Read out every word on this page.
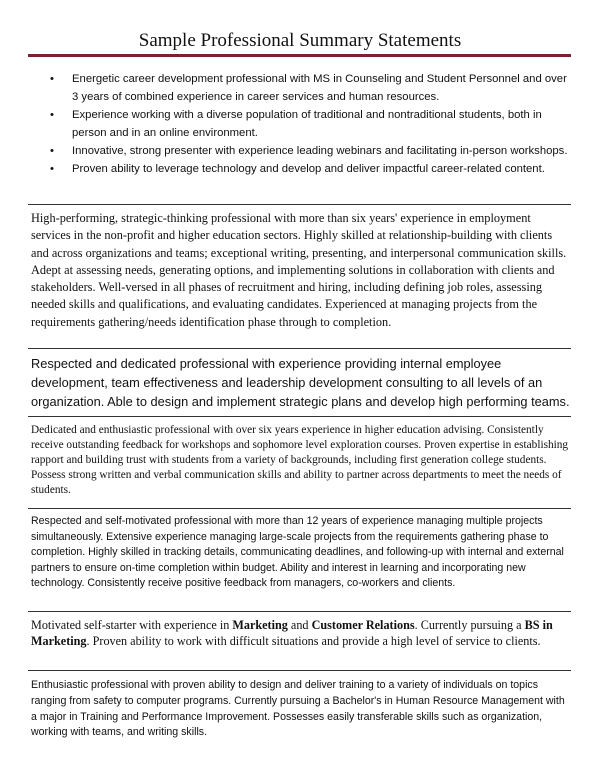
Sample Professional Summary Statements
• Energetic career development professional with MS in Counseling and Student Personnel and over 3 years of combined experience in career services and human resources.
• Experience working with a diverse population of traditional and nontraditional students, both in person and in an online environment.
• Innovative, strong presenter with experience leading webinars and facilitating in-person workshops.
• Proven ability to leverage technology and develop and deliver impactful career-related content.

High-performing, strategic-thinking professional with more than six years' experience in employment services in the non-profit and higher education sectors. Highly skilled at relationship-building with clients and across organizations and teams; exceptional writing, presenting, and interpersonal communication skills. Adept at assessing needs, generating options, and implementing solutions in collaboration with clients and stakeholders. Well-versed in all phases of recruitment and hiring, including defining job roles, assessing needed skills and qualifications, and evaluating candidates. Experienced at managing projects from the requirements gathering/needs identification phase through to completion.

Respected and dedicated professional with experience providing internal employee development, team effectiveness and leadership development consulting to all levels of an organization. Able to design and implement strategic plans and develop high performing teams.

Dedicated and enthusiastic professional with over six years experience in higher education advising. Consistently receive outstanding feedback for workshops and sophomore level exploration courses. Proven expertise in establishing rapport and building trust with students from a variety of backgrounds, including first generation college students. Possess strong written and verbal communication skills and ability to partner across departments to meet the needs of students.

Respected and self-motivated professional with more than 12 years of experience managing multiple projects simultaneously. Extensive experience managing large-scale projects from the requirements gathering phase to completion. Highly skilled in tracking details, communicating deadlines, and following-up with internal and external partners to ensure on-time completion within budget. Ability and interest in learning and incorporating new technology. Consistently receive positive feedback from managers, co-workers and clients.

Motivated self-starter with experience in Marketing and Customer Relations. Currently pursuing a BS in Marketing. Proven ability to work with difficult situations and provide a high level of service to clients.

Enthusiastic professional with proven ability to design and deliver training to a variety of individuals on topics ranging from safety to computer programs. Currently pursuing a Bachelor's in Human Resource Management with a major in Training and Performance Improvement. Possesses easily transferable skills such as organization, working with teams, and writing skills.
